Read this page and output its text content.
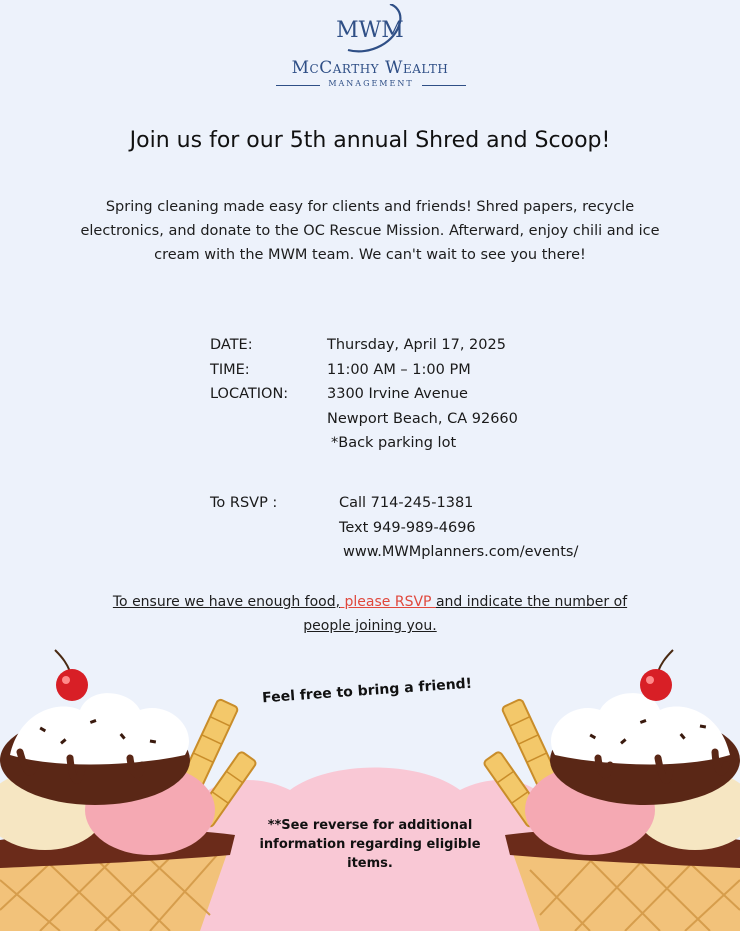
MWM
McCarthy Wealth
MANAGEMENT
Join us for our 5th annual Shred and Scoop!
Spring cleaning made easy for clients and friends! Shred papers, recycle electronics, and donate to the OC Rescue Mission. Afterward, enjoy chili and ice cream with the MWM team. We can't wait to see you there!
DATE:	Thursday, April 17, 2025
TIME:	11:00 AM – 1:00 PM
LOCATION:	3300 Irvine Avenue
Newport Beach, CA 92660
*Back parking lot
To RSVP :	Call 714-245-1381
Text 949-989-4696
www.MWMplanners.com/events/
To ensure we have enough food, please RSVP and indicate the number of people joining you.
Feel free to bring a friend!
**See reverse for additional information regarding eligible items.
